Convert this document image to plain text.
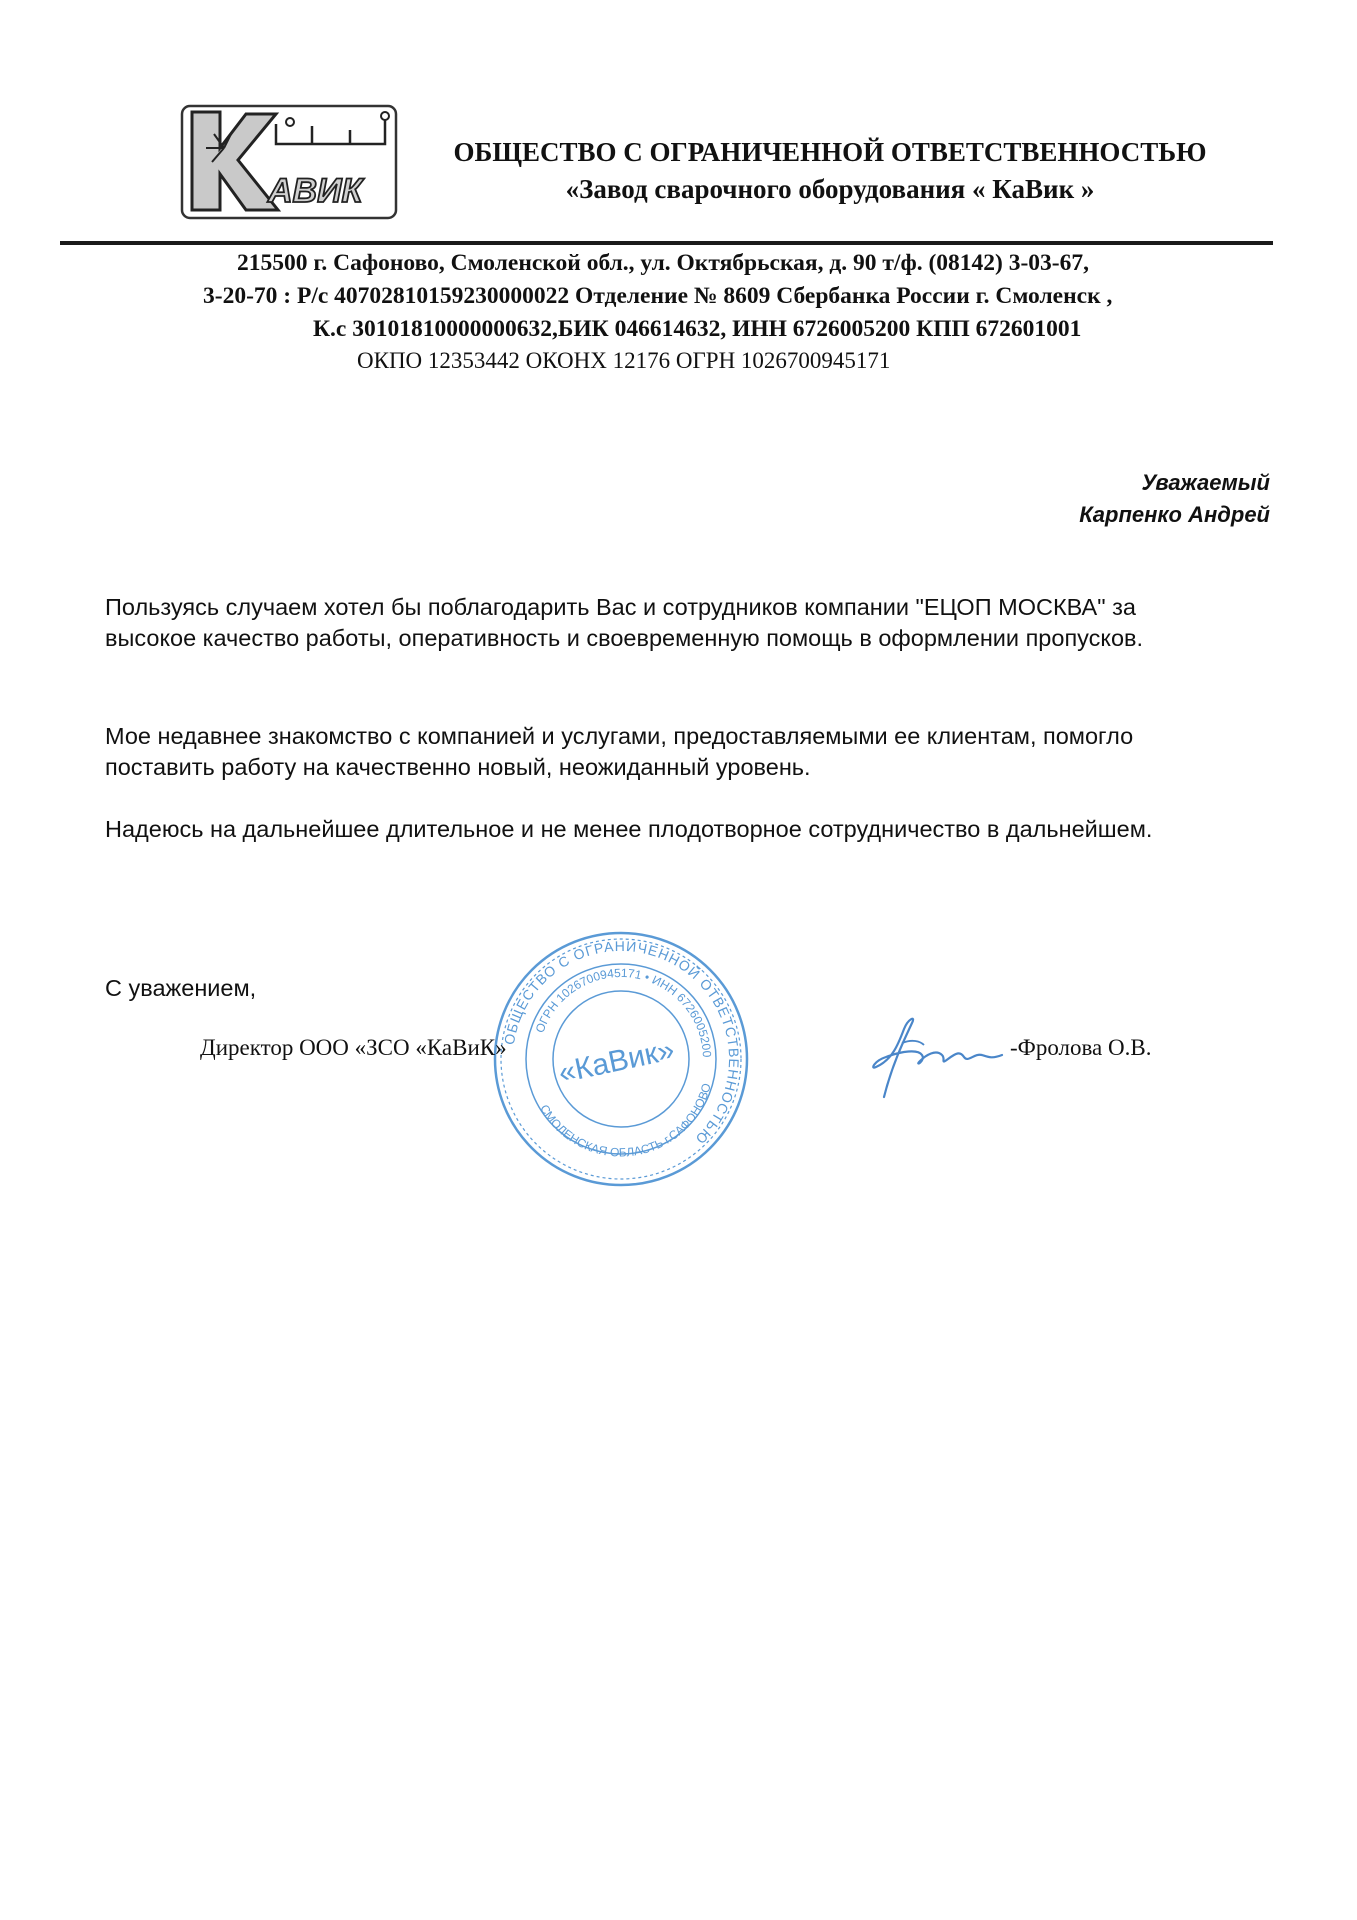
АВИК
ОБЩЕСТВО С ОГРАНИЧЕННОЙ ОТВЕТСТВЕННОСТЬЮ
«Завод сварочного оборудования « КаВик »
215500 г. Сафоново, Смоленской обл., ул. Октябрьская, д. 90 т/ф. (08142) 3-03-67,
3-20-70 : Р/с 40702810159230000022 Отделение № 8609 Сбербанка России г. Смоленск ,
К.с 30101810000000632,БИК 046614632, ИНН 6726005200 КПП 672601001
ОКПО 12353442 ОКОНХ 12176 ОГРН 1026700945171
Уважаемый
Карпенко Андрей
Пользуясь случаем хотел бы поблагодарить Вас и сотрудников компании "ЕЦОП МОСКВА" за высокое качество работы, оперативность и своевременную помощь в оформлении пропусков.
Мое недавнее знакомство с компанией и услугами, предоставляемыми ее клиентам, помогло поставить работу на качественно новый, неожиданный уровень.
Надеюсь на дальнейшее длительное и не менее плодотворное сотрудничество в дальнейшем.
С уважением,
ОБЩЕСТВО С ОГРАНИЧЕННОЙ ОТВЕТСТВЕННОСТЬЮ
ОГРН 1026700945171 • ИНН 6726005200
СМОЛЕНСКАЯ ОБЛАСТЬ г.САФОНОВО
«КаВик»
Директор ООО «ЗСО «КаВиК»	-Фролова О.В.
